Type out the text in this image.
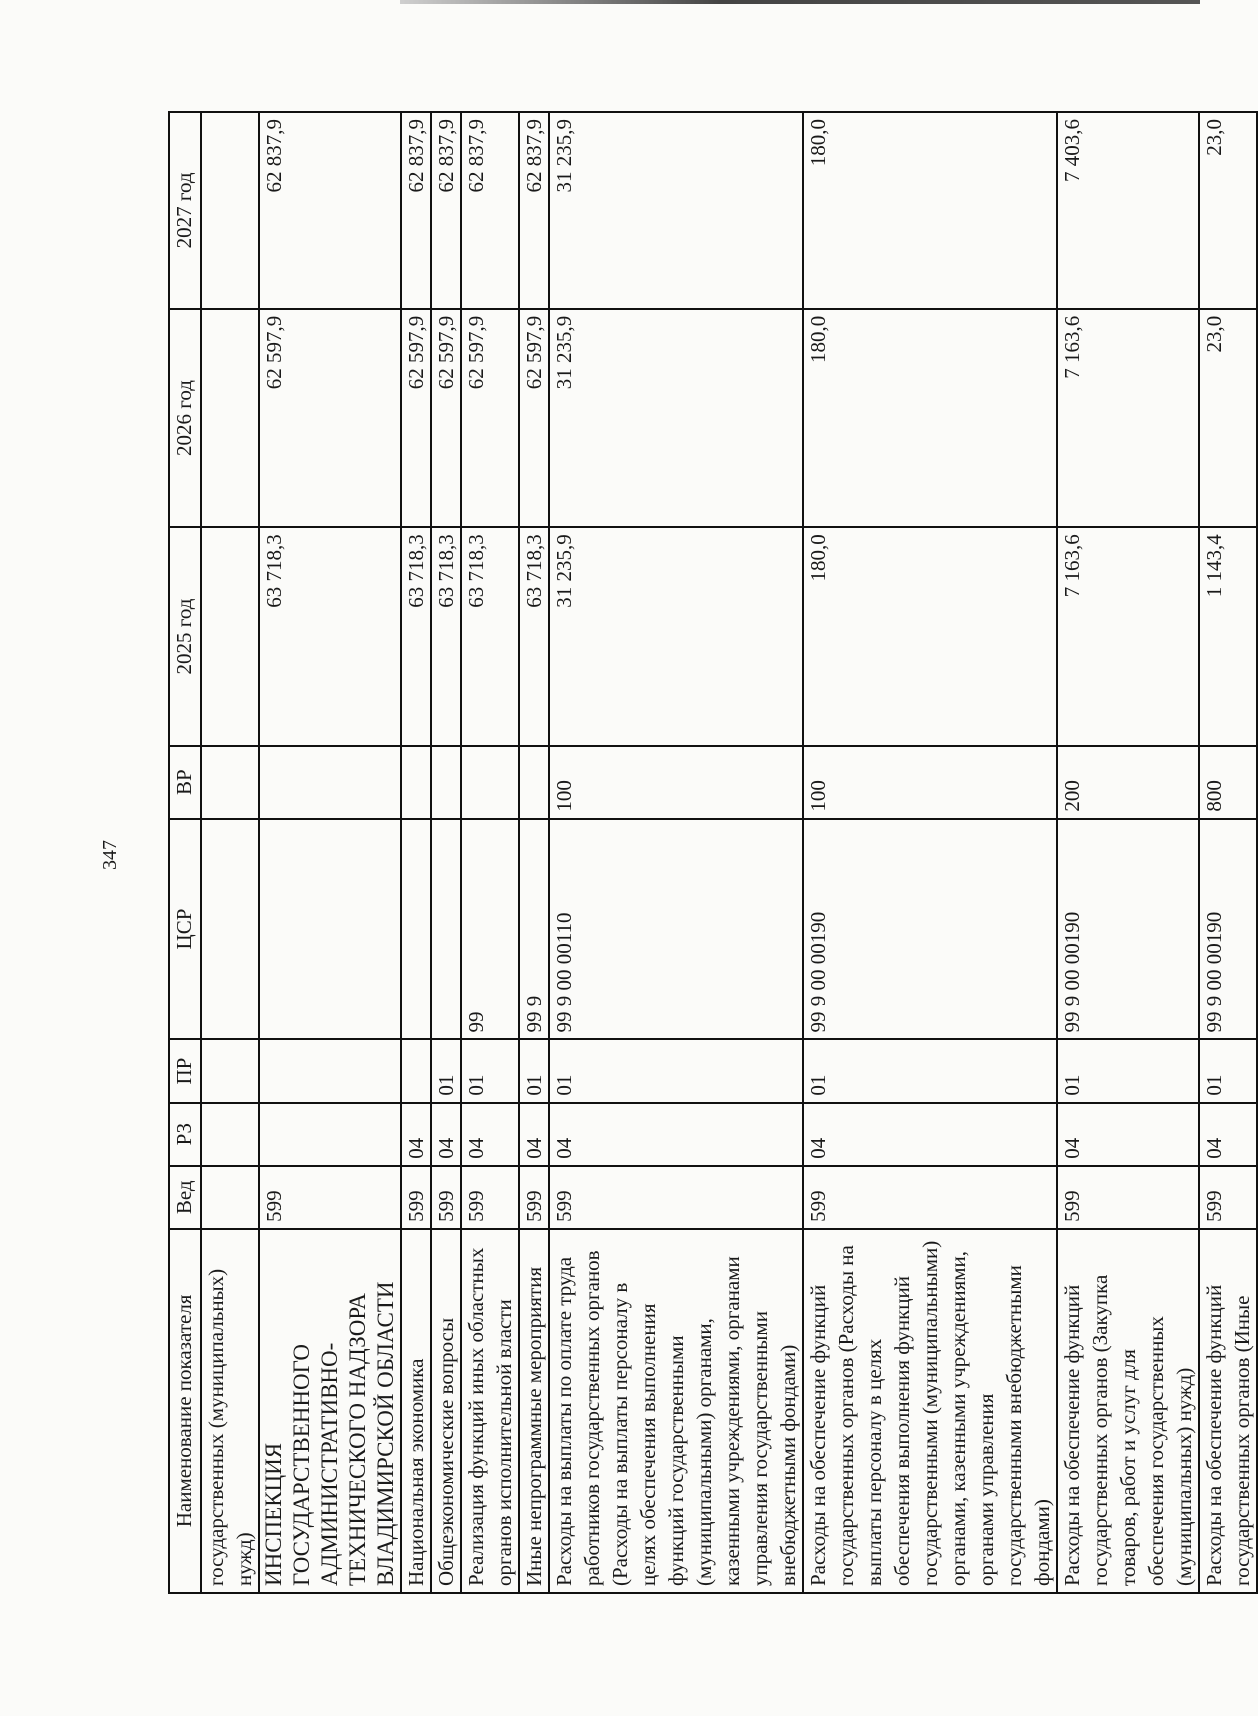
347
Наименование показателя	Вед	РЗ	ПР	ЦСР	ВР	2025 год	2026 год	2027 год
государственных (муниципальных) нужд)								
ИНСПЕКЦИЯ ГОСУДАРСТВЕННОГО АДМИНИСТРАТИВНО-ТЕХНИЧЕСКОГО НАДЗОРА ВЛАДИМИРСКОЙ ОБЛАСТИ	599					63 718,3	62 597,9	62 837,9
Национальная экономика	599	04				63 718,3	62 597,9	62 837,9
Общеэкономические вопросы	599	04	01			63 718,3	62 597,9	62 837,9
Реализация функций иных областных органов исполнительной власти	599	04	01	99		63 718,3	62 597,9	62 837,9
Иные непрограммные мероприятия	599	04	01	99 9		63 718,3	62 597,9	62 837,9
Расходы на выплаты по оплате труда работников государственных органов (Расходы на выплаты персоналу в целях обеспечения выполнения функций государственными (муниципальными) органами, казенными учреждениями, органами управления государственными внебюджетными фондами)	599	04	01	99 9 00 00110	100	31 235,9	31 235,9	31 235,9
Расходы на обеспечение функций государственных органов (Расходы на выплаты персоналу в целях обеспечения выполнения функций государственными (муниципальными) органами, казенными учреждениями, органами управления государственными внебюджетными фондами)	599	04	01	99 9 00 00190	100	180,0	180,0	180,0
Расходы на обеспечение функций государственных органов (Закупка товаров, работ и услуг для обеспечения государственных (муниципальных) нужд)	599	04	01	99 9 00 00190	200	7 163,6	7 163,6	7 403,6
Расходы на обеспечение функций государственных органов (Иные	599	04	01	99 9 00 00190	800	1 143,4	23,0	23,0
